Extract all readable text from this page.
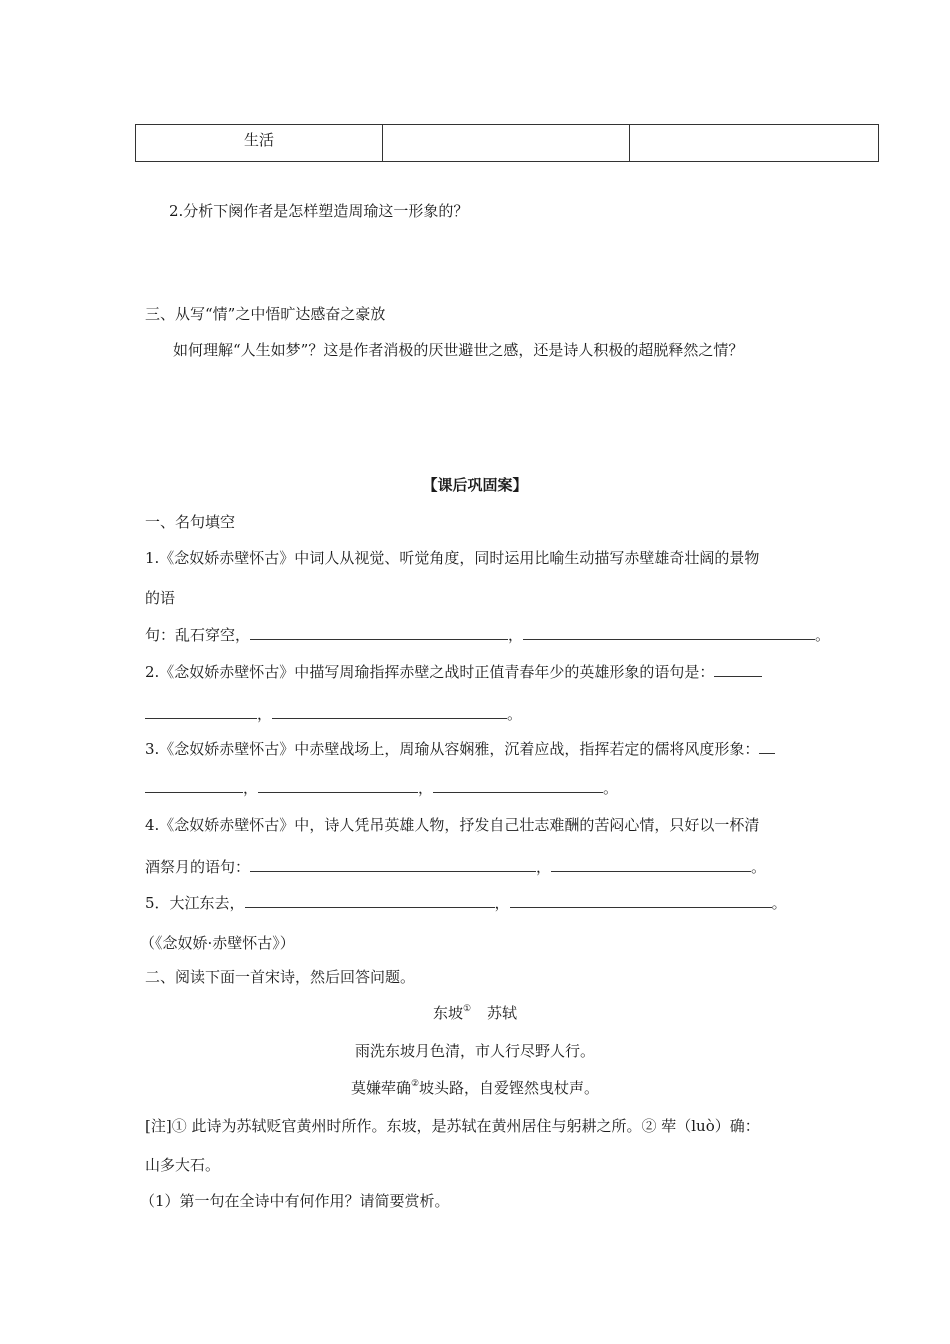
生活		
2.分析下阕作者是怎样塑造周瑜这一形象的？
三、从写“情”之中悟旷达感奋之豪放
如何理解“人生如梦”？这是作者消极的厌世避世之感，还是诗人积极的超脱释然之情？
【课后巩固案】
一、名句填空
1.《念奴娇赤壁怀古》中词人从视觉、听觉角度，同时运用比喻生动描写赤壁雄奇壮阔的景物
的语
句：乱石穿空，	，	。
2.《念奴娇赤壁怀古》中描写周瑜指挥赤壁之战时正值青春年少的英雄形象的语句是：
，	。
3.《念奴娇赤壁怀古》中赤壁战场上，周瑜从容娴雅，沉着应战，指挥若定的儒将风度形象：
，	，	。
4.《念奴娇赤壁怀古》中，诗人凭吊英雄人物，抒发自己壮志难酬的苦闷心情，只好以一杯清
酒祭月的语句：	，	。
5．大江东去，	，	。
（《念奴娇·赤壁怀古》）
二、阅读下面一首宋诗，然后回答问题。
东坡① 苏轼
雨洗东坡月色清，市人行尽野人行。
莫嫌荦确②坡头路，自爱铿然曳杖声。
[注]① 此诗为苏轼贬官黄州时所作。东坡，是苏轼在黄州居住与躬耕之所。② 荦（luò）确：
山多大石。
（1）第一句在全诗中有何作用？请简要赏析。
